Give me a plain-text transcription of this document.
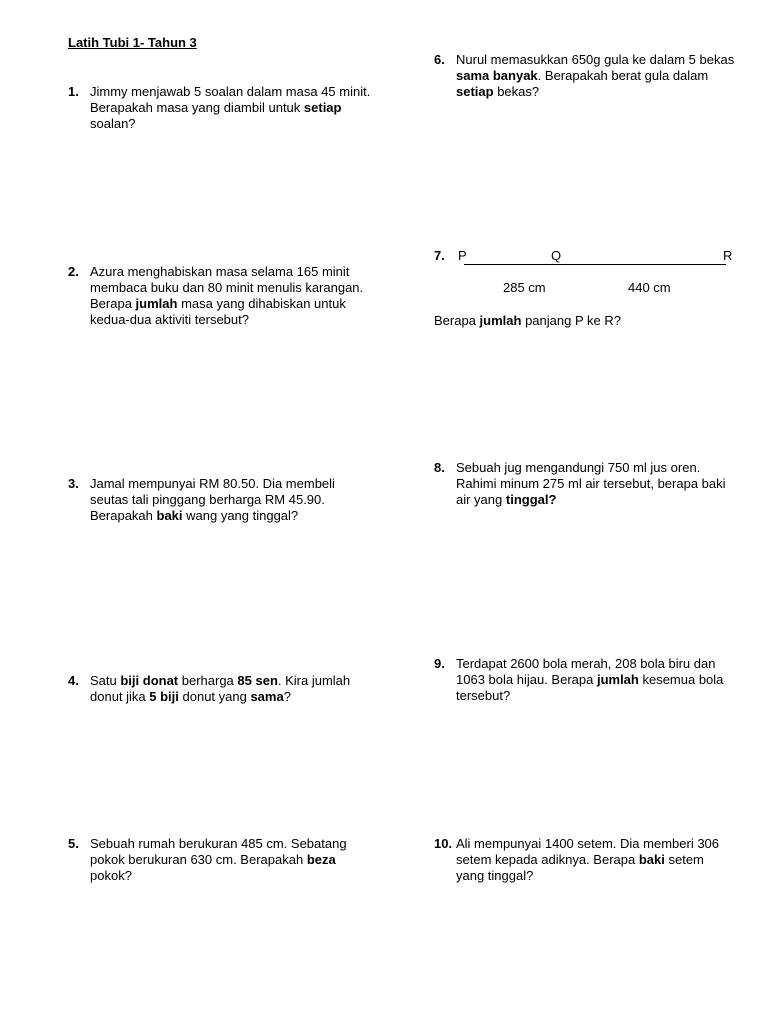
Latih Tubi 1- Tahun 3
1. Jimmy menjawab 5 soalan dalam masa 45 minit. Berapakah masa yang diambil untuk setiap soalan?
2. Azura menghabiskan masa selama 165 minit membaca buku dan 80 minit menulis karangan. Berapa jumlah masa yang dihabiskan untuk kedua-dua aktiviti tersebut?
3. Jamal mempunyai RM 80.50. Dia membeli seutas tali pinggang berharga RM 45.90. Berapakah baki wang yang tinggal?
4. Satu biji donat berharga 85 sen. Kira jumlah donut jika 5 biji donut yang sama?
5. Sebuah rumah berukuran 485 cm. Sebatang pokok berukuran 630 cm. Berapakah beza pokok?
6. Nurul memasukkan 650g gula ke dalam 5 bekas sama banyak. Berapakah berat gula dalam setiap bekas?
7. P	Q	R
285 cm	440 cm
Berapa jumlah panjang P ke R?
8. Sebuah jug mengandungi 750 ml jus oren. Rahimi minum 275 ml air tersebut, berapa baki air yang tinggal?
9. Terdapat 2600 bola merah, 208 bola biru dan 1063 bola hijau. Berapa jumlah kesemua bola tersebut?
10. Ali mempunyai 1400 setem. Dia memberi 306 setem kepada adiknya. Berapa baki setem yang tinggal?
